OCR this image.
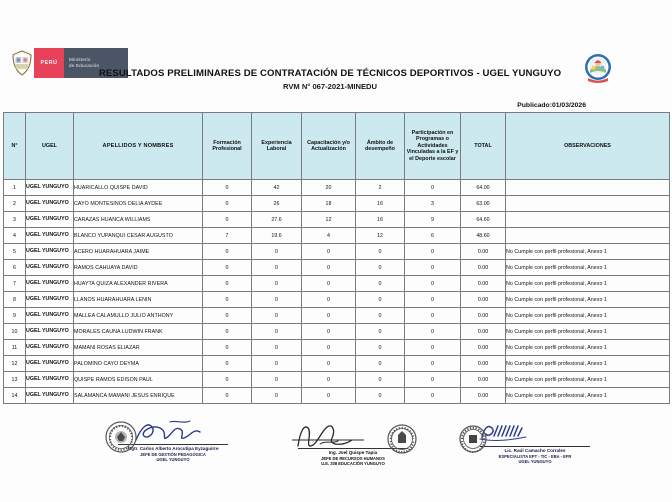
PERÚ
Ministerio
de Educación
RESULTADOS PRELIMINARES DE CONTRATACIÓN DE TÉCNICOS DEPORTIVOS - UGEL YUNGUYO
RVM N° 067-2021-MINEDU
Publicado:01/03/2026
N°	UGEL	APELLIDOS Y NOMBRES	Formación Profesional	Experiencia Laboral	Capacitación y/o Actualización	Ámbito de desempeño	Participación en Programas o Actividades Vinculadas a la EF y el Deporte escolar	TOTAL	OBSERVACIONES
1	UGEL YUNGUYO	HUARICALLO QUISPE DAVID	0	42	20	2	0	64.00	
2	UGEL YUNGUYO	CAYO MONTESINOS DELIA AYDEE	0	26	18	16	3	63.00	
3	UGEL YUNGUYO	CARAZAS HUANCA WILLIAMS	0	27.6	12	16	9	64.60	
4	UGEL YUNGUYO	BLANCO YUPANQUI CESAR AUGUSTO	7	19.6	4	12	6	48.60	
5	UGEL YUNGUYO	ACERO HUARAHUARA JAIME	0	0	0	0	0	0.00	No Cumple con perfil profesional, Anexo 1
6	UGEL YUNGUYO	RAMOS CAHUAYA DAVID	0	0	0	0	0	0.00	No Cumple con perfil profesional, Anexo 1
7	UGEL YUNGUYO	HUAYTA QUIZA ALEXANDER RIVERA	0	0	0	0	0	0.00	No Cumple con perfil profesional, Anexo 1
8	UGEL YUNGUYO	LLANOS HUARAHUARA LENIN	0	0	0	0	0	0.00	No Cumple con perfil profesional, Anexo 1
9	UGEL YUNGUYO	MALLEA CALAMULLO JULIO ANTHONY	0	0	0	0	0	0.00	No Cumple con perfil profesional, Anexo 1
10	UGEL YUNGUYO	MORALES CAUNA LUDWIN FRANK	0	0	0	0	0	0.00	No Cumple con perfil profesional, Anexo 1
11	UGEL YUNGUYO	MAMANI ROSAS ELIAZAR	0	0	0	0	0	0.00	No Cumple con perfil profesional, Anexo 1
12	UGEL YUNGUYO	PALOMINO CAYO DEYMA	0	0	0	0	0	0.00	No Cumple con perfil profesional, Anexo 1
13	UGEL YUNGUYO	QUISPE RAMOS EDISON PAUL	0	0	0	0	0	0.00	No Cumple con perfil profesional, Anexo 1
14	UGEL YUNGUYO	SALAMANCA MAMANI JESUS ENRIQUE	0	0	0	0	0	0.00	No Cumple con perfil profesional, Anexo 1
Mgtr. Carlos Alberto Arocutipa Eyzaguirre
JEFE DE GESTIÓN PEDAGÓGICA
UGEL YUNGUYO
Ing. Joel Quispe Tapia
JEFE DE RECURSOS HUMANOS
U.E. 308 EDUCACIÓN YUNGUYO
Lic. Raúl Camacho Corrales
ESPECIALISTA EPT - TIC - EBA - EFR
UGEL YUNGUYO
